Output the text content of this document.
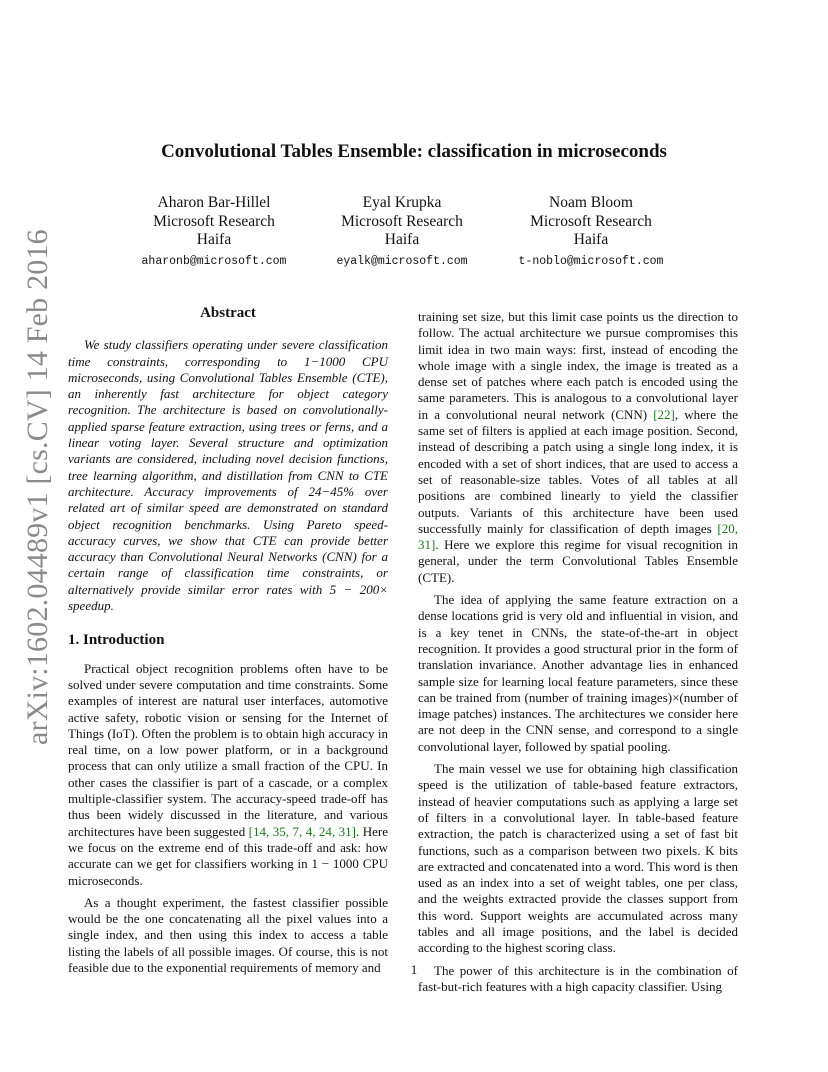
arXiv:1602.04489v1 [cs.CV] 14 Feb 2016
Convolutional Tables Ensemble: classification in microseconds
Aharon Bar-Hillel
Microsoft Research
Haifa
aharonb@microsoft.com
Eyal Krupka
Microsoft Research
Haifa
eyalk@microsoft.com
Noam Bloom
Microsoft Research
Haifa
t-noblo@microsoft.com
Abstract

We study classifiers operating under severe classification time constraints, corresponding to 1−1000 CPU microseconds, using Convolutional Tables Ensemble (CTE), an inherently fast architecture for object category recognition. The architecture is based on convolutionally-applied sparse feature extraction, using trees or ferns, and a linear voting layer. Several structure and optimization variants are considered, including novel decision functions, tree learning algorithm, and distillation from CNN to CTE architecture. Accuracy improvements of 24−45% over related art of similar speed are demonstrated on standard object recognition benchmarks. Using Pareto speed-accuracy curves, we show that CTE can provide better accuracy than Convolutional Neural Networks (CNN) for a certain range of classification time constraints, or alternatively provide similar error rates with 5 − 200× speedup.

1. Introduction

Practical object recognition problems often have to be solved under severe computation and time constraints. Some examples of interest are natural user interfaces, automotive active safety, robotic vision or sensing for the Internet of Things (IoT). Often the problem is to obtain high accuracy in real time, on a low power platform, or in a background process that can only utilize a small fraction of the CPU. In other cases the classifier is part of a cascade, or a complex multiple-classifier system. The accuracy-speed trade-off has thus been widely discussed in the literature, and various architectures have been suggested [14, 35, 7, 4, 24, 31]. Here we focus on the extreme end of this trade-off and ask: how accurate can we get for classifiers working in 1 − 1000 CPU microseconds.

As a thought experiment, the fastest classifier possible would be the one concatenating all the pixel values into a single index, and then using this index to access a table listing the labels of all possible images. Of course, this is not feasible due to the exponential requirements of memory and

training set size, but this limit case points us the direction to follow. The actual architecture we pursue compromises this limit idea in two main ways: first, instead of encoding the whole image with a single index, the image is treated as a dense set of patches where each patch is encoded using the same parameters. This is analogous to a convolutional layer in a convolutional neural network (CNN) [22], where the same set of filters is applied at each image position. Second, instead of describing a patch using a single long index, it is encoded with a set of short indices, that are used to access a set of reasonable-size tables. Votes of all tables at all positions are combined linearly to yield the classifier outputs. Variants of this architecture have been used successfully mainly for classification of depth images [20, 31]. Here we explore this regime for visual recognition in general, under the term Convolutional Tables Ensemble (CTE).

The idea of applying the same feature extraction on a dense locations grid is very old and influential in vision, and is a key tenet in CNNs, the state-of-the-art in object recognition. It provides a good structural prior in the form of translation invariance. Another advantage lies in enhanced sample size for learning local feature parameters, since these can be trained from (number of training images)×(number of image patches) instances. The architectures we consider here are not deep in the CNN sense, and correspond to a single convolutional layer, followed by spatial pooling.

The main vessel we use for obtaining high classification speed is the utilization of table-based feature extractors, instead of heavier computations such as applying a large set of filters in a convolutional layer. In table-based feature extraction, the patch is characterized using a set of fast bit functions, such as a comparison between two pixels. K bits are extracted and concatenated into a word. This word is then used as an index into a set of weight tables, one per class, and the weights extracted provide the classes support from this word. Support weights are accumulated across many tables and all image positions, and the label is decided according to the highest scoring class.

The power of this architecture is in the combination of fast-but-rich features with a high capacity classifier. Using

1
